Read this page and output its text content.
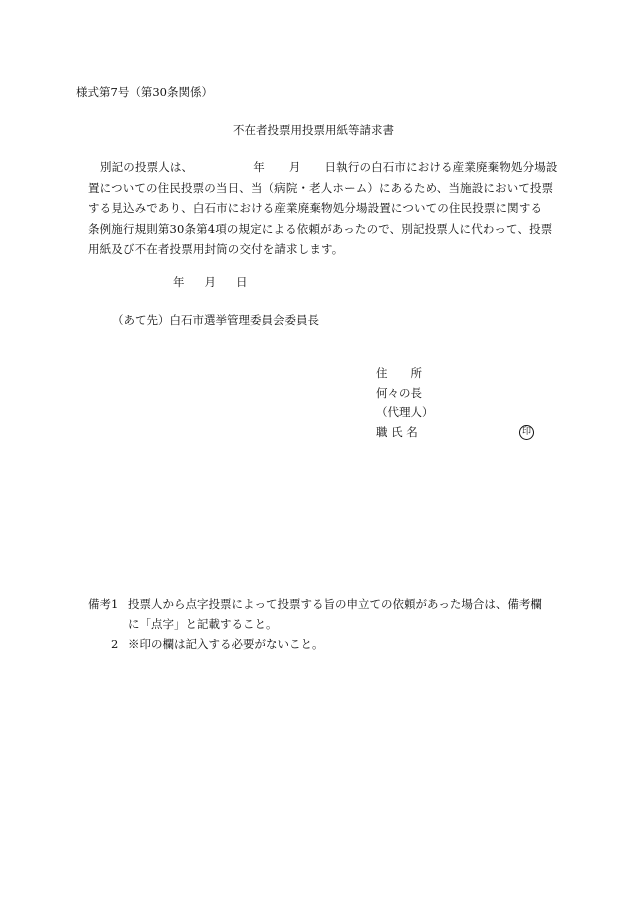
様式第7号（第30条関係）
不在者投票用投票用紙等請求書
別記の投票人は、	年 月 日執行の白石市における産業廃棄物処分場設
置についての住民投票の当日、当（病院・老人ホーム）にあるため、当施設において投票
する見込みであり、白石市における産業廃棄物処分場設置についての住民投票に関する
条例施行規則第30条第4項の規定による依頼があったので、別記投票人に代わって、投票
用紙及び不在者投票用封筒の交付を請求します。
年 月 日
（あて先）白石市選挙管理委員会委員長
住　　所
何々の長
（代理人）
職 氏 名	印
備考1 投票人から点字投票によって投票する旨の申立ての依頼があった場合は、備考欄
に「点字」と記載すること。
2 ※印の欄は記入する必要がないこと。
